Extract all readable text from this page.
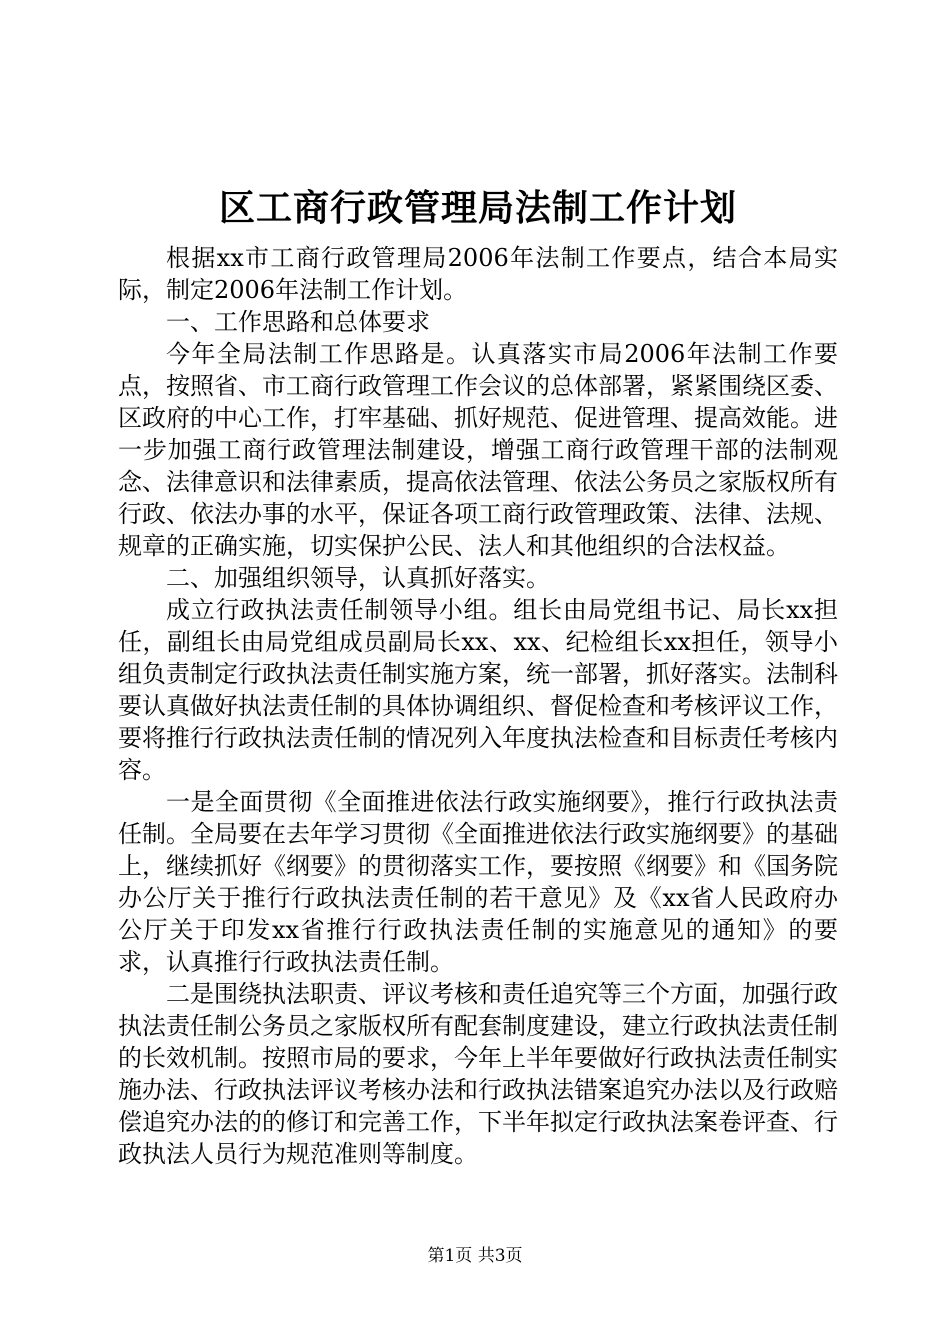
区工商行政管理局法制工作计划

根据xx市工商行政管理局2006年法制工作要点，结合本局实际，制定2006年法制工作计划。

一、工作思路和总体要求

今年全局法制工作思路是。认真落实市局2006年法制工作要点，按照省、市工商行政管理工作会议的总体部署，紧紧围绕区委、区政府的中心工作，打牢基础、抓好规范、促进管理、提高效能。进一步加强工商行政管理法制建设，增强工商行政管理干部的法制观念、法律意识和法律素质，提高依法管理、依法公务员之家版权所有行政、依法办事的水平，保证各项工商行政管理政策、法律、法规、规章的正确实施，切实保护公民、法人和其他组织的合法权益。

二、加强组织领导，认真抓好落实。

成立行政执法责任制领导小组。组长由局党组书记、局长xx担任，副组长由局党组成员副局长xx、xx、纪检组长xx担任，领导小组负责制定行政执法责任制实施方案，统一部署，抓好落实。法制科要认真做好执法责任制的具体协调组织、督促检查和考核评议工作，要将推行行政执法责任制的情况列入年度执法检查和目标责任考核内容。

一是全面贯彻《全面推进依法行政实施纲要》，推行行政执法责任制。全局要在去年学习贯彻《全面推进依法行政实施纲要》的基础上，继续抓好《纲要》的贯彻落实工作，要按照《纲要》和《国务院办公厅关于推行行政执法责任制的若干意见》及《xx省人民政府办公厅关于印发xx省推行行政执法责任制的实施意见的通知》的要求，认真推行行政执法责任制。

二是围绕执法职责、评议考核和责任追究等三个方面，加强行政执法责任制公务员之家版权所有配套制度建设，建立行政执法责任制的长效机制。按照市局的要求，今年上半年要做好行政执法责任制实施办法、行政执法评议考核办法和行政执法错案追究办法以及行政赔偿追究办法的的修订和完善工作，下半年拟定行政执法案卷评查、行政执法人员行为规范准则等制度。

第1页 共3页
